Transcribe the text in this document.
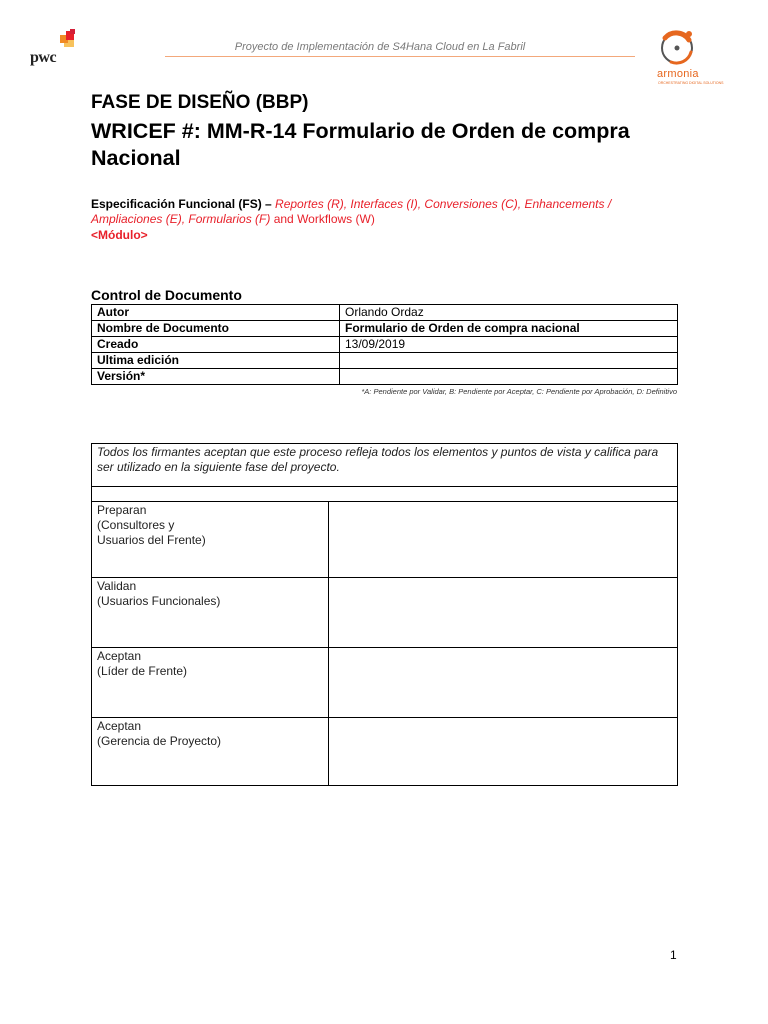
pwc
Proyecto de Implementación de S4Hana Cloud en La Fabril
armonia
ORCHESTRATING DIGITAL SOLUTIONS
FASE DE DISEÑO (BBP)
WRICEF #: MM-R-14 Formulario de Orden de compra Nacional
Especificación Funcional (FS) – Reportes (R), Interfaces (I), Conversiones (C), Enhancements / Ampliaciones (E), Formularios (F) and Workflows (W)
<Módulo>
Control de Documento
Autor	Orlando Ordaz
Nombre de Documento	Formulario de Orden de compra nacional
Creado	13/09/2019
Ultima edición	
Versión*	
*A: Pendiente por Validar, B: Pendiente por Aceptar, C: Pendiente por Aprobación, D: Definitivo
Todos los firmantes aceptan que este proceso refleja todos los elementos y puntos de vista y califica para ser utilizado en la siguiente fase del proyecto.
Preparan
(Consultores y
Usuarios del Frente)
Validan
(Usuarios Funcionales)
Aceptan
(Líder de Frente)
Aceptan
(Gerencia de Proyecto)
1
